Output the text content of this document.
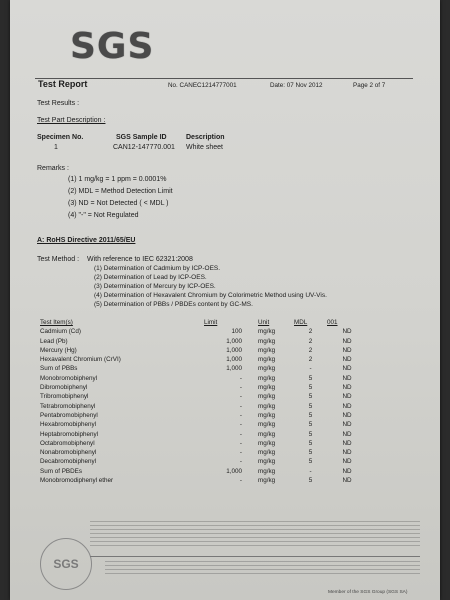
SGS
Test Report	No. CANEC1214777001	Date: 07 Nov 2012	Page 2 of 7
Test Results :
Test Part Description :
Specimen No.	SGS Sample ID	Description
1	CAN12-147770.001 White sheet
Remarks :
(1) 1 mg/kg = 1 ppm = 0.0001%
(2) MDL = Method Detection Limit
(3) ND = Not Detected ( < MDL )
(4) "-" = Not Regulated
A: RoHS Directive 2011/65/EU
Test Method : With reference to IEC 62321:2008
(1) Determination of Cadmium by ICP-OES.
(2) Determination of Lead by ICP-OES.
(3) Determination of Mercury by ICP-OES.
(4) Determination of Hexavalent Chromium by Colorimetric Method using UV-Vis.
(5) Determination of PBBs / PBDEs content by GC-MS.
Test Item(s)	Limit	Unit	MDL	001
Cadmium (Cd)	100	mg/kg	2	ND
Lead (Pb)	1,000	mg/kg	2	ND
Mercury (Hg)	1,000	mg/kg	2	ND
Hexavalent Chromium (CrVI)	1,000	mg/kg	2	ND
Sum of PBBs	1,000	mg/kg	-	ND
Monobromobiphenyl	-	mg/kg	5	ND
Dibromobiphenyl	-	mg/kg	5	ND
Tribromobiphenyl	-	mg/kg	5	ND
Tetrabromobiphenyl	-	mg/kg	5	ND
Pentabromobiphenyl	-	mg/kg	5	ND
Hexabromobiphenyl	-	mg/kg	5	ND
Heptabromobiphenyl	-	mg/kg	5	ND
Octabromobiphenyl	-	mg/kg	5	ND
Nonabromobiphenyl	-	mg/kg	5	ND
Decabromobiphenyl	-	mg/kg	5	ND
Sum of PBDEs	1,000	mg/kg	-	ND
Monobromodiphenyl ether	-	mg/kg	5	ND
SGS
Member of the SGS Group (SGS SA)
